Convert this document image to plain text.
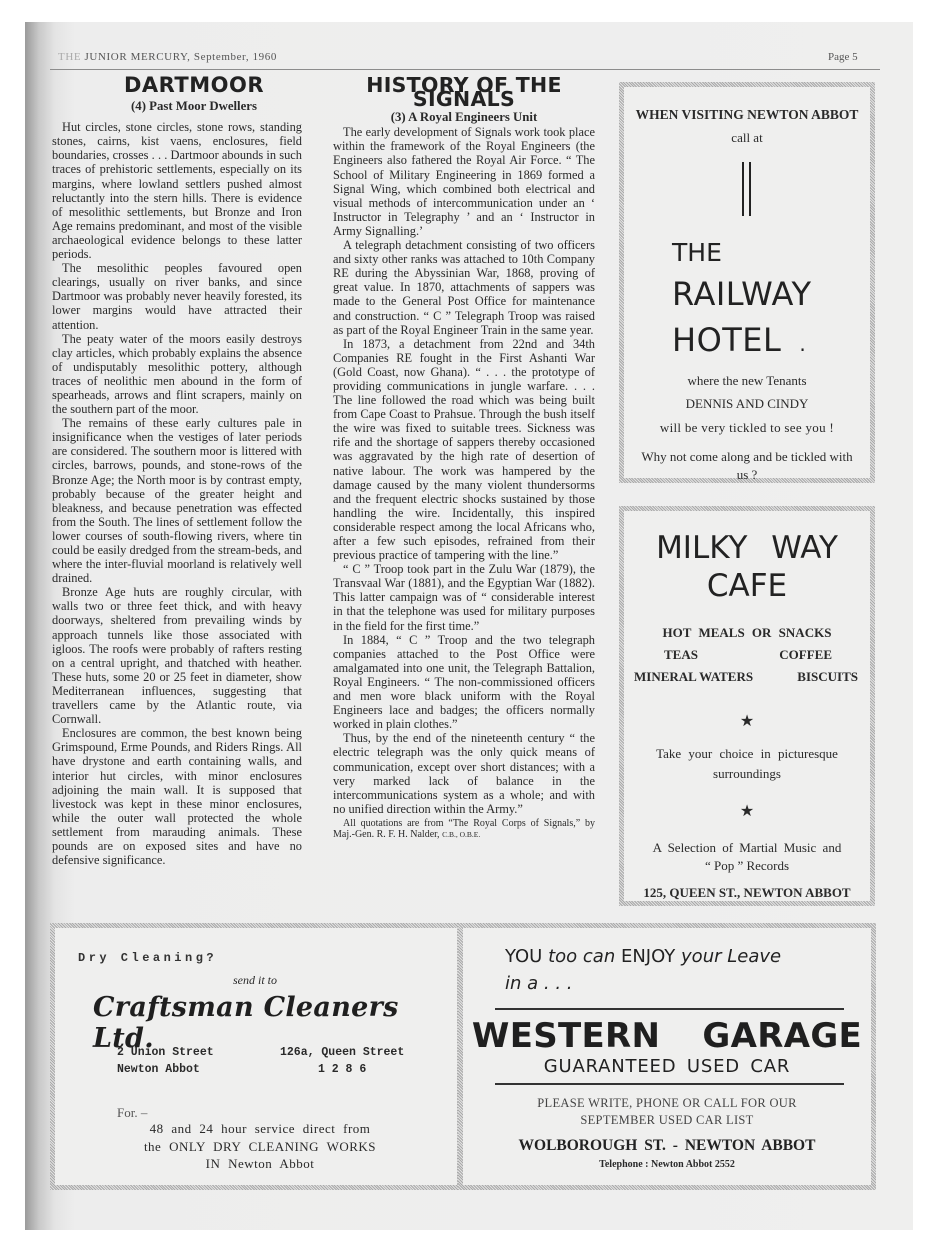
THE JUNIOR MERCURY, September, 1960	Page 5
DARTMOOR
(4) Past Moor Dwellers

Hut circles, stone circles, stone rows, standing stones, cairns, kist vaens, enclosures, field boundaries, crosses . . . Dartmoor abounds in such traces of prehistoric settlements, especially on its margins, where lowland settlers pushed almost reluctantly into the stern hills. There is evidence of mesolithic settlements, but Bronze and Iron Age remains predominant, and most of the visible archaeological evidence belongs to these latter periods.

The mesolithic peoples favoured open clearings, usually on river banks, and since Dartmoor was probably never heavily forested, its lower margins would have attracted their attention.

The peaty water of the moors easily destroys clay articles, which probably explains the absence of undisputably mesolithic pottery, although traces of neolithic men abound in the form of spearheads, arrows and flint scrapers, mainly on the southern part of the moor.

The remains of these early cultures pale in insignificance when the vestiges of later periods are considered. The southern moor is littered with circles, barrows, pounds, and stone-rows of the Bronze Age; the North moor is by contrast empty, probably because of the greater height and bleakness, and because penetration was effected from the South. The lines of settlement follow the lower courses of south-flowing rivers, where tin could be easily dredged from the stream-beds, and where the inter-fluvial moorland is relatively well drained.

Bronze Age huts are roughly circular, with walls two or three feet thick, and with heavy doorways, sheltered from prevailing winds by approach tunnels like those associated with igloos. The roofs were probably of rafters resting on a central upright, and thatched with heather. These huts, some 20 or 25 feet in diameter, show Mediterranean influences, suggesting that travellers came by the Atlantic route, via Cornwall.

Enclosures are common, the best known being Grimspound, Erme Pounds, and Riders Rings. All have drystone and earth containing walls, and interior hut circles, with minor enclosures adjoining the main wall. It is supposed that livestock was kept in these minor enclosures, while the outer wall protected the whole settlement from marauding animals. These pounds are on exposed sites and have no defensive significance.

HISTORY OF THE SIGNALS
(3) A Royal Engineers Unit

The early development of Signals work took place within the framework of the Royal Engineers (the Engineers also fathered the Royal Air Force. “ The School of Military Engineering in 1869 formed a Signal Wing, which combined both electrical and visual methods of intercommunication under an ‘ Instructor in Telegraphy ’ and an ‘ Instructor in Army Signalling.’

A telegraph detachment consisting of two officers and sixty other ranks was attached to 10th Company RE during the Abyssinian War, 1868, proving of great value. In 1870, attachments of sappers was made to the General Post Office for maintenance and construction. “ C ” Telegraph Troop was raised as part of the Royal Engineer Train in the same year.

In 1873, a detachment from 22nd and 34th Companies RE fought in the First Ashanti War (Gold Coast, now Ghana). “ . . . the prototype of providing communications in jungle warfare. . . . The line followed the road which was being built from Cape Coast to Prahsue. Through the bush itself the wire was fixed to suitable trees. Sickness was rife and the shortage of sappers thereby occasioned was aggravated by the high rate of desertion of native labour. The work was hampered by the damage caused by the many violent thundersorms and the frequent electric shocks sustained by those handling the wire. Incidentally, this inspired considerable respect among the local Africans who, after a few such episodes, refrained from their previous practice of tampering with the line.”

“ C ” Troop took part in the Zulu War (1879), the Transvaal War (1881), and the Egyptian War (1882). This latter campaign was of “ considerable interest in that the telephone was used for military purposes in the field for the first time.”

In 1884, “ C ” Troop and the two telegraph companies attached to the Post Office were amalgamated into one unit, the Telegraph Battalion, Royal Engineers. “ The non-commissioned officers and men wore black uniform with the Royal Engineers lace and badges; the officers normally worked in plain clothes.”

Thus, by the end of the nineteenth century “ the electric telegraph was the only quick means of communication, except over short distances; with a very marked lack of balance in the intercommunications system as a whole; and with no unified direction within the Army.”

All quotations are from “The Royal Corps of Signals,” by Maj.-Gen. R. F. H. Nalder, C.B., O.B.E.
WHEN VISITING NEWTON ABBOT
call at
THE
RAILWAY
HOTEL .
where the new Tenants
DENNIS AND CINDY
will be very tickled to see you !
Why not come along and be tickled with us ?
MILKY WAY
CAFE
HOT MEALS OR SNACKS
TEAS	COFFEE
MINERAL WATERS	BISCUITS
★
Take your choice in picturesque
surroundings
★
A Selection of Martial Music and
“ Pop ” Records
125, QUEEN ST., NEWTON ABBOT
Dry Cleaning?
send it to
Craftsman Cleaners Ltd.
2 Union Street
Newton Abbot
126a, Queen Street
1 2 8 6
For. –
48 and 24 hour service direct from
the ONLY DRY CLEANING WORKS
IN Newton Abbot
YOU too can ENJOY your Leave
in a . . .
WESTERN GARAGE
GUARANTEED USED CAR
PLEASE WRITE, PHONE OR CALL FOR OUR
SEPTEMBER USED CAR LIST
WOLBOROUGH ST. - NEWTON ABBOT
Telephone : Newton Abbot 2552
